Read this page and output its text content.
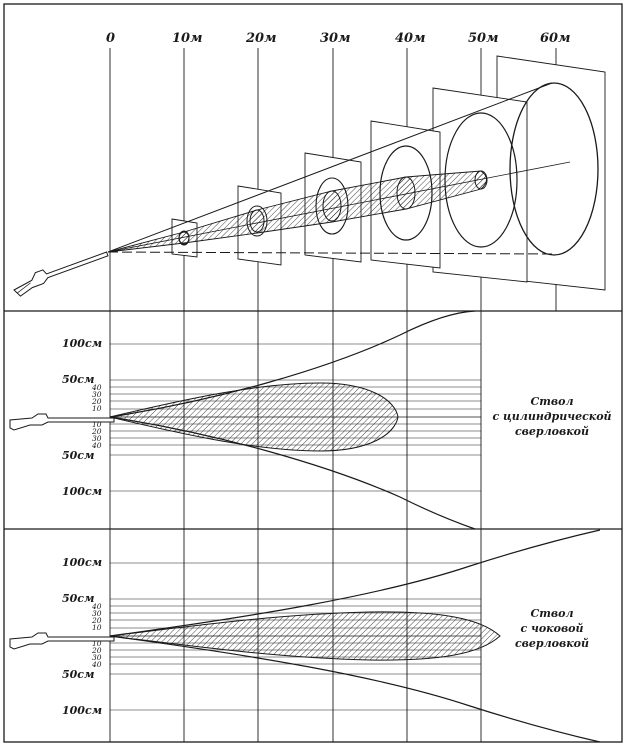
0	10м	20м	30м	40м	50м	60м
100см
50см
40
30
20
10
10
20
30
40
50см
100см
Ствол
с цилиндрической
сверловкой
100см
50см
40
30
20
10
10
20
30
40
50см
100см
Ствол
с чоковой
сверловкой
